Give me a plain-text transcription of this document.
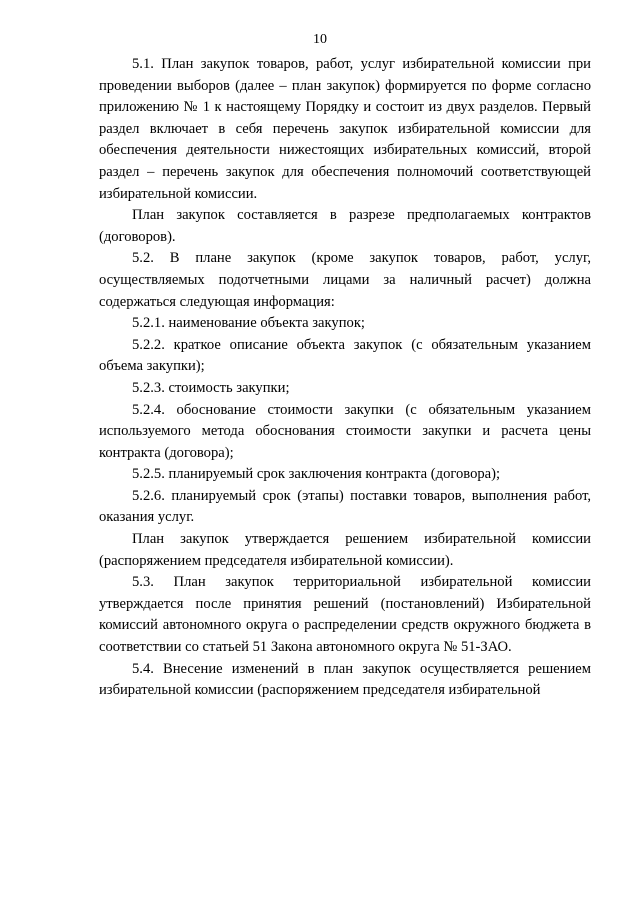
10

5.1. План закупок товаров, работ, услуг избирательной комиссии при проведении выборов (далее – план закупок) формируется по форме согласно приложению № 1 к настоящему Порядку и состоит из двух разделов. Первый раздел включает в себя перечень закупок избирательной комиссии для обеспечения деятельности нижестоящих избирательных комиссий, второй раздел – перечень закупок для обеспечения полномочий соответствующей избирательной комиссии.

План закупок составляется в разрезе предполагаемых контрактов (договоров).

5.2. В плане закупок (кроме закупок товаров, работ, услуг, осуществляемых подотчетными лицами за наличный расчет) должна содержаться следующая информация:

5.2.1. наименование объекта закупок;

5.2.2. краткое описание объекта закупок (с обязательным указанием объема закупки);

5.2.3. стоимость закупки;

5.2.4. обоснование стоимости закупки (с обязательным указанием используемого метода обоснования стоимости закупки и расчета цены контракта (договора);

5.2.5. планируемый срок заключения контракта (договора);

5.2.6. планируемый срок (этапы) поставки товаров, выполнения работ, оказания услуг.

План закупок утверждается решением избирательной комиссии (распоряжением председателя избирательной комиссии).

5.3. План закупок территориальной избирательной комиссии утверждается после принятия решений (постановлений) Избирательной комиссий автономного округа о распределении средств окружного бюджета в соответствии со статьей 51 Закона автономного округа № 51-ЗАО.

5.4. Внесение изменений в план закупок осуществляется решением избирательной комиссии (распоряжением председателя избирательной
